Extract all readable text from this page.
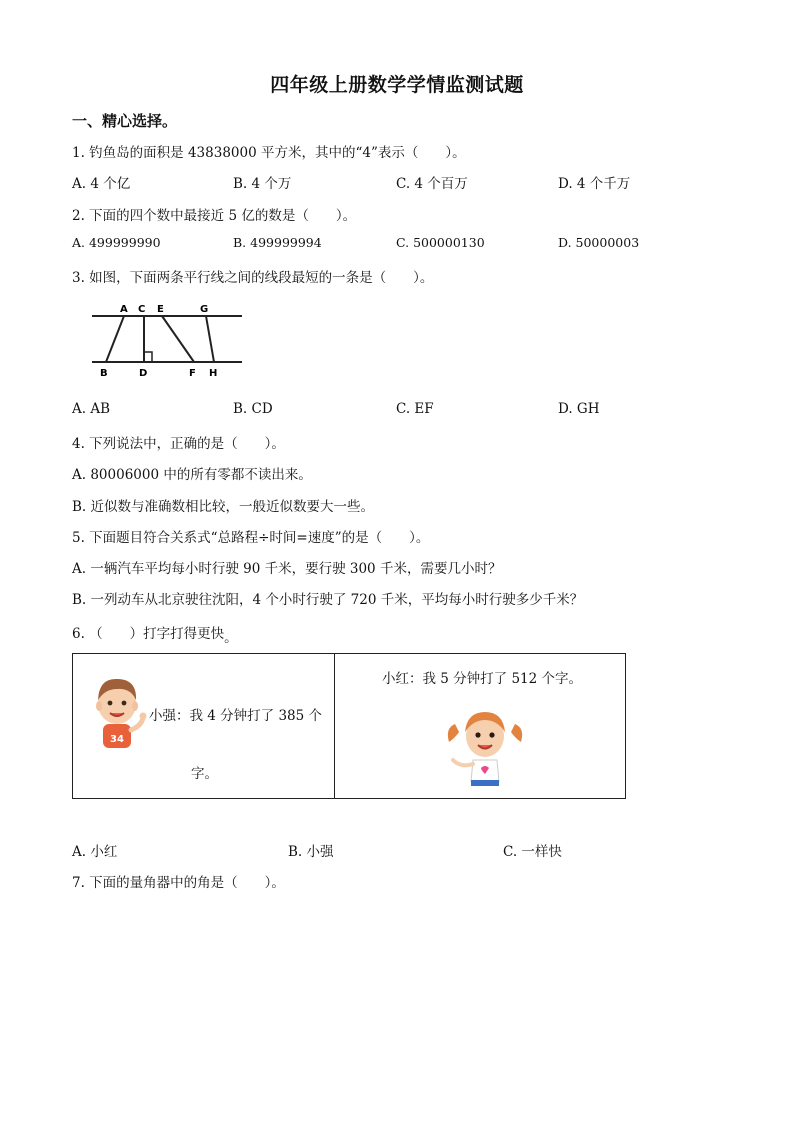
四年级上册数学学情监测试题
一、精心选择。
1. 钓鱼岛的面积是 43838000 平方米，其中的“4”表示（　　）。
A. 4 个亿	B. 4 个万	C. 4 个百万	D. 4 个千万
2. 下面的四个数中最接近 5 亿的数是（　　）。
A. 499999990	B. 499999994	C. 500000130	D. 50000003
3. 如图，下面两条平行线之间的线段最短的一条是（　　）。
A C E	G
B	D	F H
A. AB	B. CD	C. EF	D. GH
4. 下列说法中，正确的是（　　）。
A. 80006000 中的所有零都不读出来。
B. 近似数与准确数相比较，一般近似数要大一些。
5. 下面题目符合关系式“总路程÷时间=速度”的是（　　）。
A. 一辆汽车平均每小时行驶 90 千米，要行驶 300 千米，需要几小时？
B. 一列动车从北京驶往沈阳，4 个小时行驶了 720 千米，平均每小时行驶多少千米？
6. （　　）打字打得更快。
34
小强：我 4 分钟打了 385 个
字。
小红：我 5 分钟打了 512 个字。
A. 小红	B. 小强	C. 一样快
7. 下面的量角器中的角是（　　）。
